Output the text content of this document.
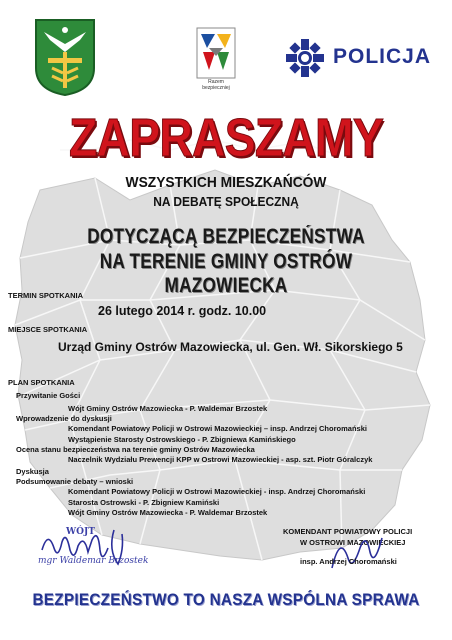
Razem bezpieczniej
POLICJA
ZAPRASZAMY
WSZYSTKICH MIESZKAŃCÓW
NA DEBATĘ SPOŁECZNĄ
DOTYCZĄCĄ BEZPIECZEŃSTWA
NA TERENIE GMINY OSTRÓW MAZOWIECKA
TERMIN SPOTKANIA
26 lutego 2014 r. godz. 10.00
MIEJSCE SPOTKANIA
Urząd Gminy Ostrów Mazowiecka, ul. Gen. Wł. Sikorskiego 5
PLAN SPOTKANIA
Przywitanie Gości
Wójt Gminy Ostrów Mazowiecka - P. Waldemar Brzostek
Wprowadzenie do dyskusji
Komendant Powiatowy Policji w Ostrowi Mazowieckiej – insp. Andrzej Choromański
Wystąpienie Starosty Ostrowskiego - P. Zbigniewa Kamińskiego
Ocena stanu bezpieczeństwa na terenie gminy Ostrów Mazowiecka
Naczelnik Wydziału Prewencji KPP w Ostrowi Mazowieckiej - asp. szt. Piotr Góralczyk
Dyskusja
Podsumowanie debaty – wnioski
Komendant Powiatowy Policji w Ostrowi Mazowieckiej - insp. Andrzej Choromański
Starosta Ostrowski - P. Zbigniew Kamiński
Wójt Gminy Ostrów Mazowiecka - P. Waldemar Brzostek
WÓJT
mgr Waldemar Brzostek
KOMENDANT POWIATOWY POLICJI
W OSTROWI MAZOWIECKIEJ
insp. Andrzej Choromański
BEZPIECZEŃSTWO TO NASZA WSPÓLNA SPRAWA
